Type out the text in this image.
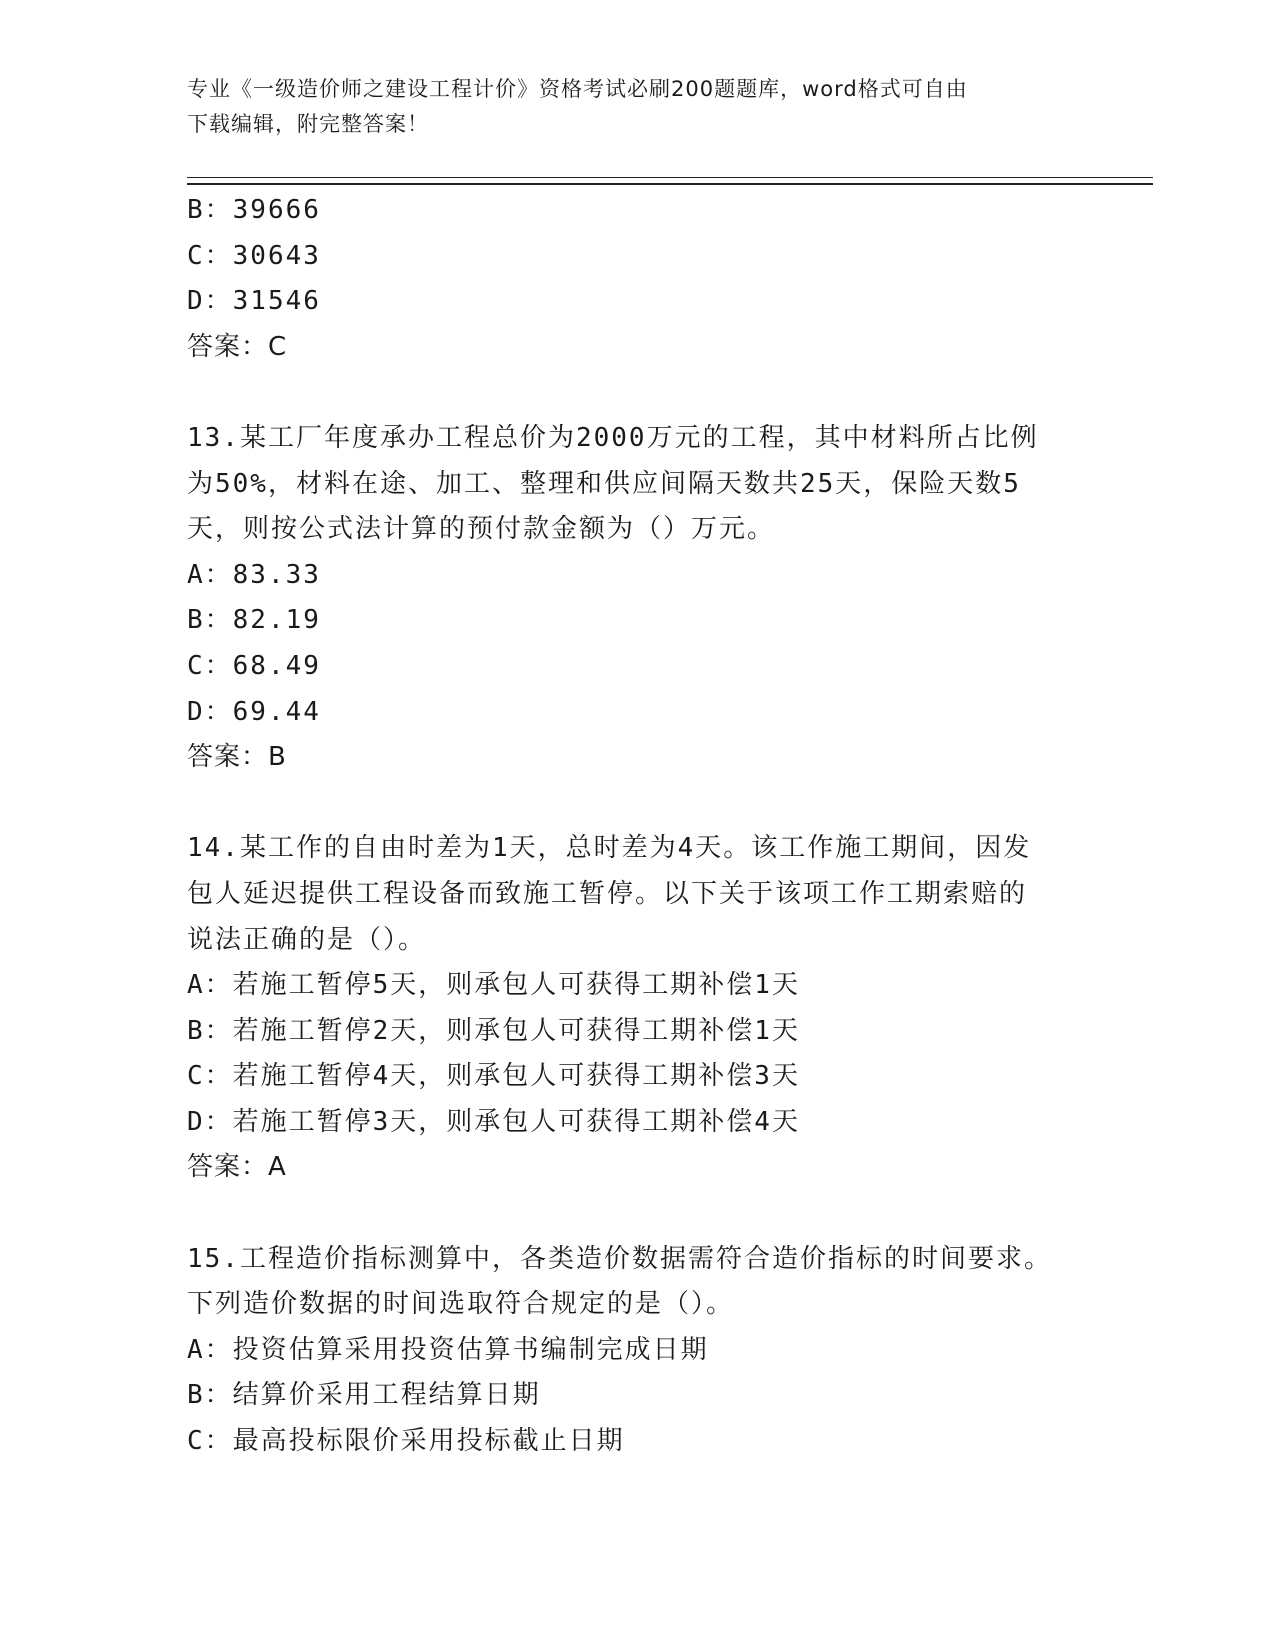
专业《一级造价师之建设工程计价》资格考试必刷200题题库，word格式可自由
下载编辑，附完整答案！
B：39666
C：30643
D：31546
答案：C
13.某工厂年度承办工程总价为2000万元的工程，其中材料所占比例
为50%，材料在途、加工、整理和供应间隔天数共25天，保险天数5
天，则按公式法计算的预付款金额为（）万元。
A：83.33
B：82.19
C：68.49
D：69.44
答案：B
14.某工作的自由时差为1天，总时差为4天。该工作施工期间，因发
包人延迟提供工程设备而致施工暂停。以下关于该项工作工期索赔的
说法正确的是（）。
A：若施工暂停5天，则承包人可获得工期补偿1天
B：若施工暂停2天，则承包人可获得工期补偿1天
C：若施工暂停4天，则承包人可获得工期补偿3天
D：若施工暂停3天，则承包人可获得工期补偿4天
答案：A
15.工程造价指标测算中，各类造价数据需符合造价指标的时间要求。
下列造价数据的时间选取符合规定的是（）。
A：投资估算采用投资估算书编制完成日期
B：结算价采用工程结算日期
C：最高投标限价采用投标截止日期
